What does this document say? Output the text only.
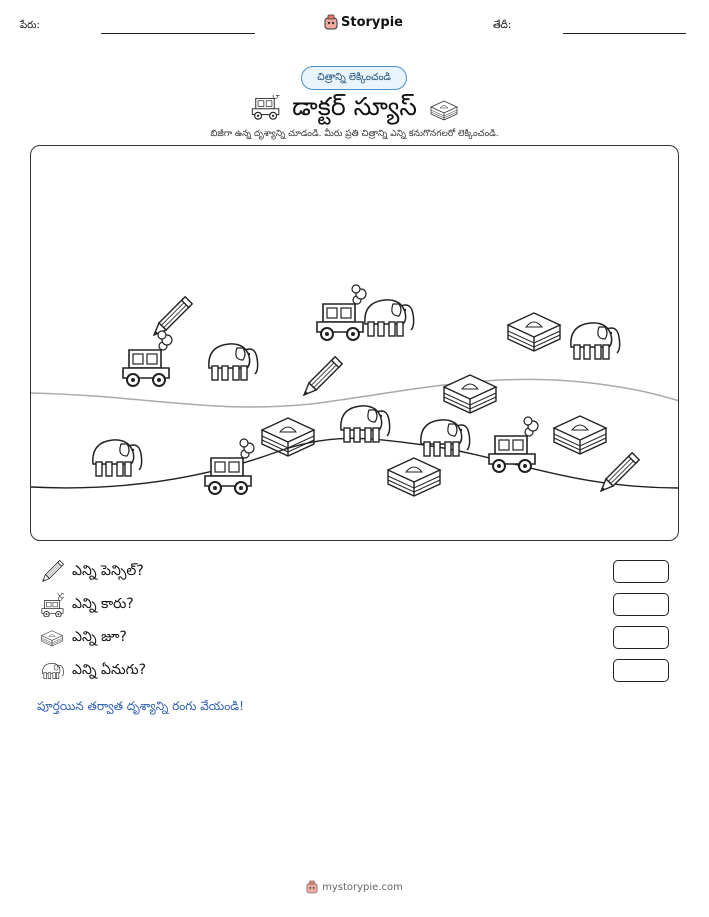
పేరు:	Storypie	తేదీ:
చిత్రాన్ని లెక్కించండి
డాక్టర్ స్యూస్
బిజీగా ఉన్న దృశ్యాన్ని చూడండి. మీరు ప్రతి చిత్రాన్ని ఎన్ని కనుగొనగలరో లెక్కించండి.
ఎన్ని పెన్సిల్?
ఎన్ని కారు?
ఎన్ని జూ?
ఎన్ని ఏనుగు?
పూర్తయిన తర్వాత దృశ్యాన్ని రంగు వేయండి!
mystorypie.com
